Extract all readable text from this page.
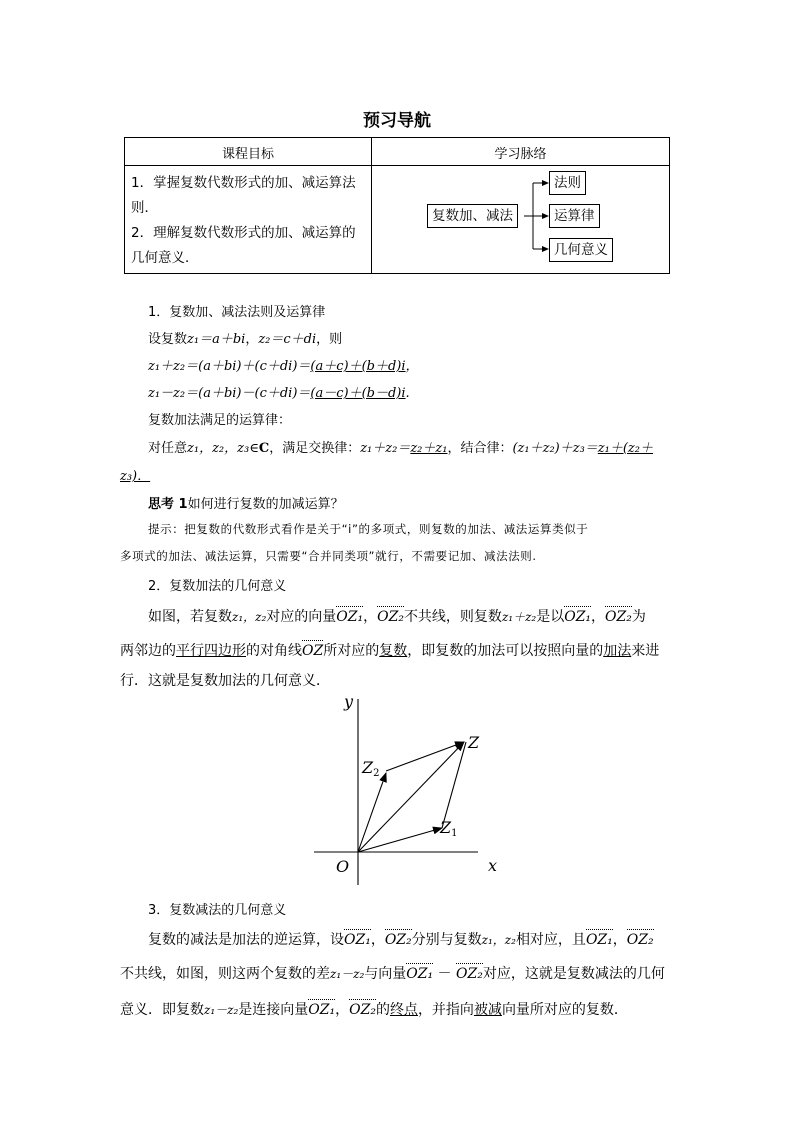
预习导航
课程目标	学习脉络
1．掌握复数代数形式的加、减运算法
则．
2．理解复数代数形式的加、减运算的
几何意义．
复数加、减法
法则
运算律
几何意义
1．复数加、减法法则及运算律
设复数z₁＝a＋bi，z₂＝c＋di，则
z₁＋z₂＝(a＋bi)＋(c＋di)＝(a＋c)＋(b＋d)i，
z₁－z₂＝(a＋bi)－(c＋di)＝(a－c)＋(b－d)i.
复数加法满足的运算律：
对任意z₁，z₂，z₃∈C，满足交换律：z₁＋z₂＝z₂＋z₁，结合律：(z₁＋z₂)＋z₃＝z₁＋(z₂＋
z₃)．
思考 1如何进行复数的加减运算？
提示：把复数的代数形式看作是关于“i”的多项式，则复数的加法、减法运算类似于
多项式的加法、减法运算，只需要“合并同类项”就行，不需要记加、减法法则.
2．复数加法的几何意义
如图，若复数z₁，z₂对应的向量OZ₁，OZ₂不共线，则复数z₁＋z₂是以OZ₁，OZ₂为
两邻边的平行四边形的对角线OZ所对应的复数，即复数的加法可以按照向量的加法来进
行．这就是复数加法的几何意义．
y
x
O
Z
Z1
Z2
3．复数减法的几何意义
复数的减法是加法的逆运算，设OZ₁，OZ₂分别与复数z₁，z₂相对应，且OZ₁，OZ₂
不共线，如图，则这两个复数的差z₁－z₂与向量OZ₁ － OZ₂对应，这就是复数减法的几何
意义．即复数z₁－z₂是连接向量OZ₁，OZ₂的终点，并指向被减向量所对应的复数．
